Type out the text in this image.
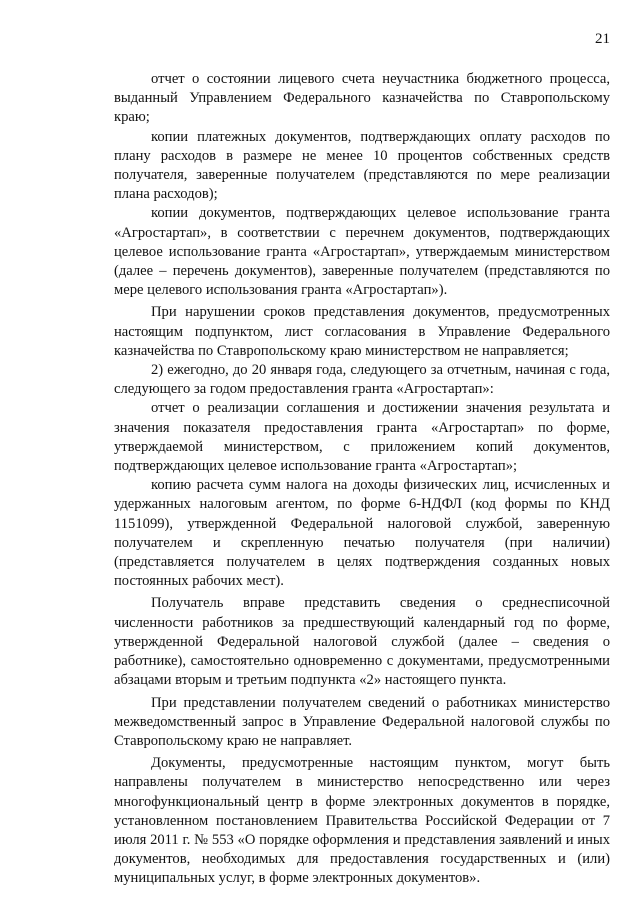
21

отчет о состоянии лицевого счета неучастника бюджетного процесса, выданный Управлением Федерального казначейства по Ставропольскому краю;

копии платежных документов, подтверждающих оплату расходов по плану расходов в размере не менее 10 процентов собственных средств получателя, заверенные получателем (представляются по мере реализации плана расходов);

копии документов, подтверждающих целевое использование гранта «Агростартап», в соответствии с перечнем документов, подтверждающих целевое использование гранта «Агростартап», утверждаемым министерством (далее – перечень документов), заверенные получателем (представляются по мере целевого использования гранта «Агростартап»).

При нарушении сроков представления документов, предусмотренных настоящим подпунктом, лист согласования в Управление Федерального казначейства по Ставропольскому краю министерством не направляется;

2) ежегодно, до 20 января года, следующего за отчетным, начиная с года, следующего за годом предоставления гранта «Агростартап»:

отчет о реализации соглашения и достижении значения результата и значения показателя предоставления гранта «Агростартап» по форме, утверждаемой министерством, с приложением копий документов, подтверждающих целевое использование гранта «Агростартап»;

копию расчета сумм налога на доходы физических лиц, исчисленных и удержанных налоговым агентом, по форме 6-НДФЛ (код формы по КНД 1151099), утвержденной Федеральной налоговой службой, заверенную получателем и скрепленную печатью получателя (при наличии) (представляется получателем в целях подтверждения созданных новых постоянных рабочих мест).

Получатель вправе представить сведения о среднесписочной численности работников за предшествующий календарный год по форме, утвержденной Федеральной налоговой службой (далее – сведения о работнике), самостоятельно одновременно с документами, предусмотренными абзацами вторым и третьим подпункта «2» настоящего пункта.

При представлении получателем сведений о работниках министерство межведомственный запрос в Управление Федеральной налоговой службы по Ставропольскому краю не направляет.

Документы, предусмотренные настоящим пунктом, могут быть направлены получателем в министерство непосредственно или через многофункциональный центр в форме электронных документов в порядке, установленном постановлением Правительства Российской Федерации от 7 июля 2011 г. № 553 «О порядке оформления и представления заявлений и иных документов, необходимых для предоставления государственных и (или) муниципальных услуг, в форме электронных документов».
